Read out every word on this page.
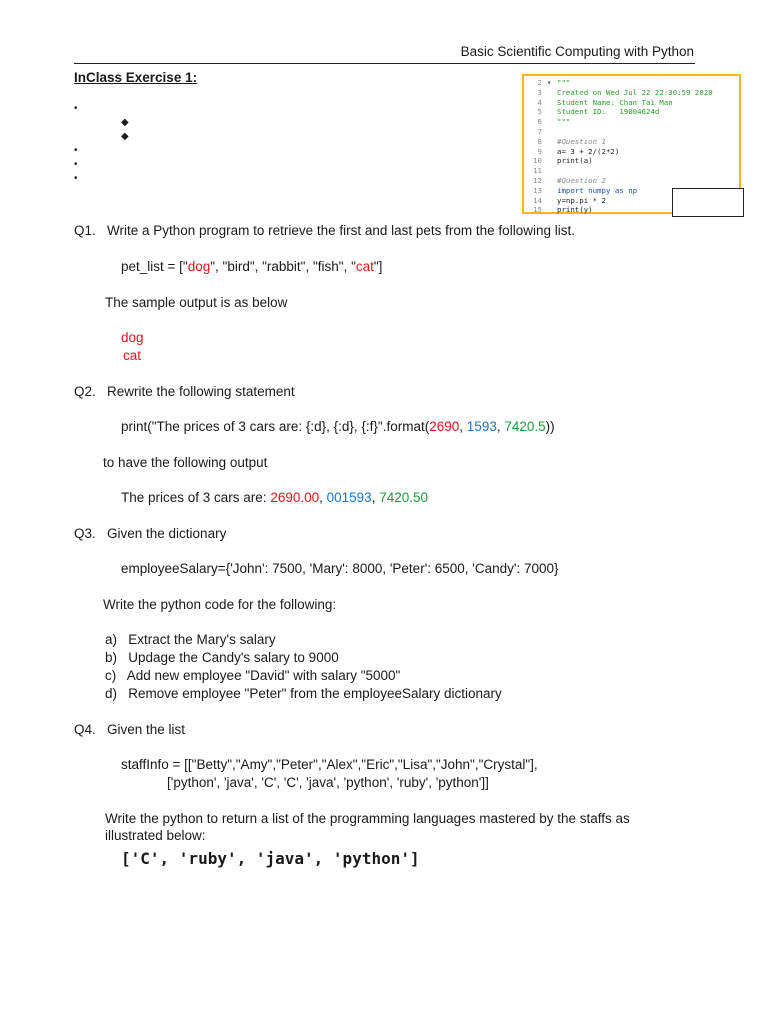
Basic Scientific Computing with Python
InClass Exercise 1:
•
◆
◆
•
•
•
2 ▾ """
3	Created on Wed Jul 22 22:30:59 2020
4	Student Name: Chan Tai Man
5	Student ID:   19004624d
6	"""
7
8	#Question 1
9	a= 3 + 2/(2*2)
10	print(a)
11
12	#Question 2
13	import numpy as np
14	y=np.pi * 2
15	print(y)
Q1.   Write a Python program to retrieve the first and last pets from the following list.
pet_list = ["dog", "bird", "rabbit", "fish", "cat"]
The sample output is as below
dog
cat
Q2.   Rewrite the following statement
print("The prices of 3 cars are: {:d}, {:d}, {:f}".format(2690, 1593, 7420.5))
to have the following output
The prices of 3 cars are: 2690.00, 001593, 7420.50
Q3.   Given the dictionary
employeeSalary={'John': 7500, 'Mary': 8000, 'Peter': 6500, 'Candy': 7000}
Write the python code for the following:
a)   Extract the Mary's salary
b)   Updage the Candy's salary to 9000
c)   Add new employee "David" with salary "5000"
d)   Remove employee "Peter" from the employeeSalary dictionary
Q4.   Given the list
staffInfo = [["Betty","Amy","Peter","Alex","Eric","Lisa","John","Crystal"],
['python', 'java', 'C', 'C', 'java', 'python', 'ruby', 'python']]
Write the python to return a list of the programming languages mastered by the staffs as
illustrated below:
['C', 'ruby', 'java', 'python']
